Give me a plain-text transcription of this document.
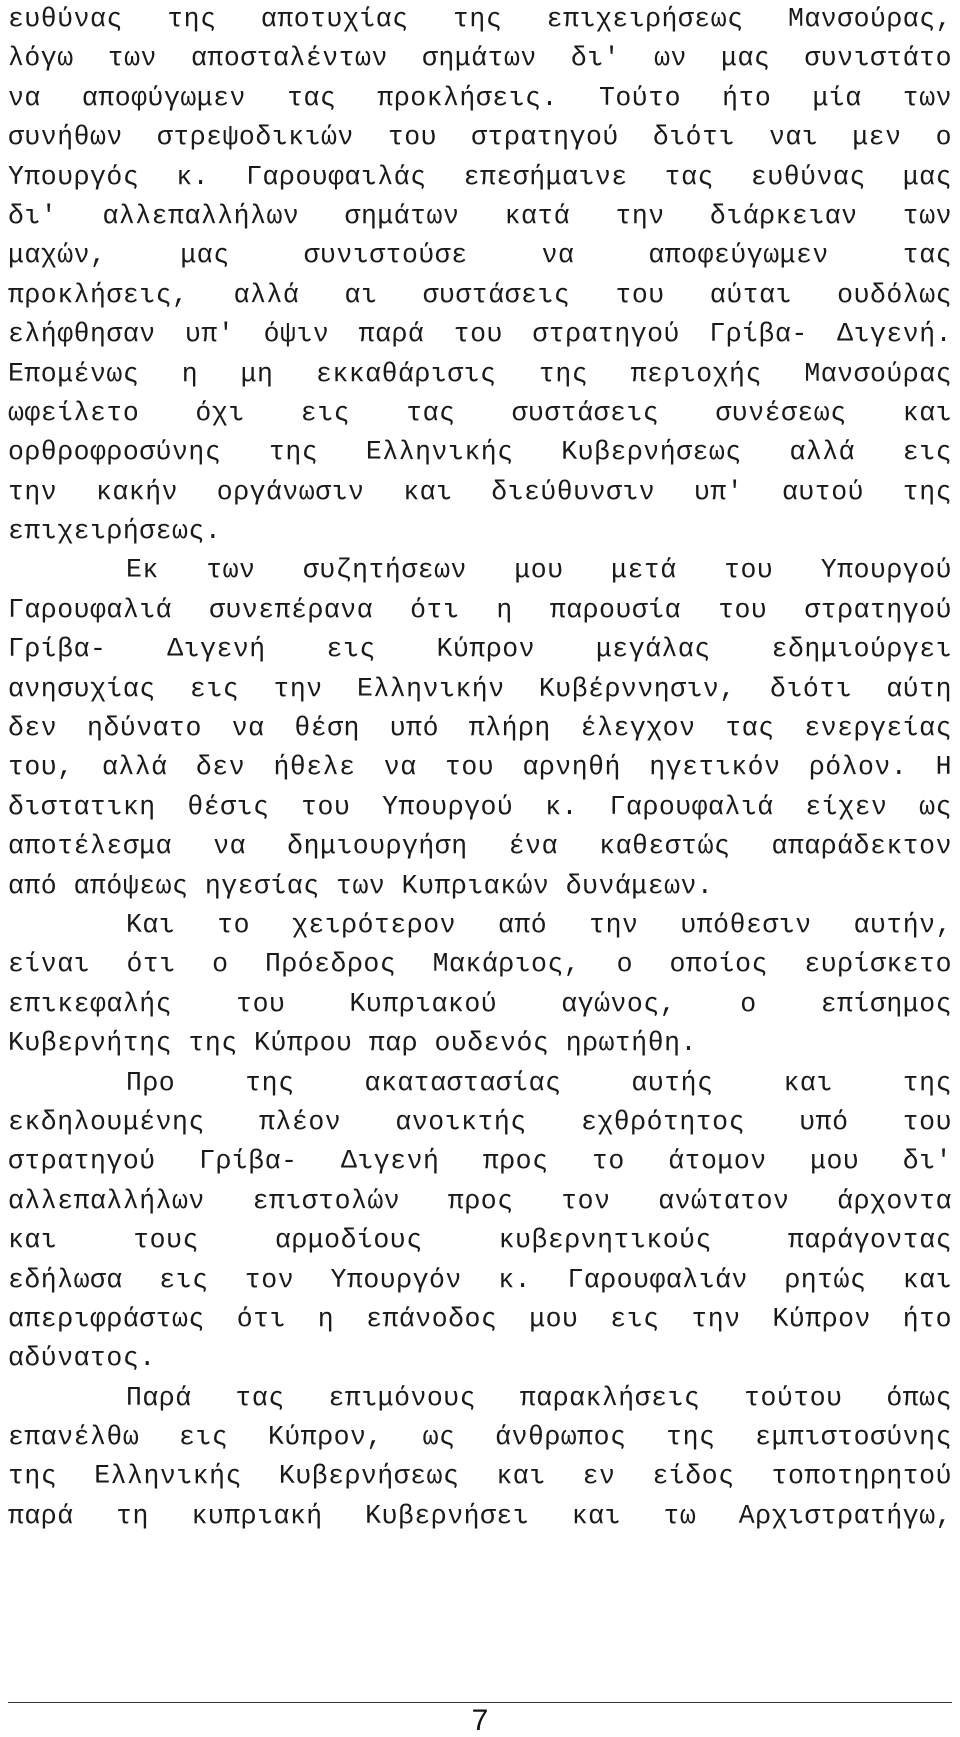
ευθύνας της αποτυχίας της επιχειρήσεως Μανσούρας,
λόγω των αποσταλέντων σημάτων δι' ων μας συνιστάτο
να αποφύγωμεν τας προκλήσεις. Τούτο ήτο μία των
συνήθων στρεψοδικιών του στρατηγού διότι ναι μεν ο
Υπουργός κ. Γαρουφαιλάς επεσήμαινε τας ευθύνας μας
δι' αλλεπαλλήλων σημάτων κατά την διάρκειαν των
μαχών, μας συνιστούσε να αποφεύγωμεν τας
προκλήσεις, αλλά αι συστάσεις του αύται ουδόλως
ελήφθησαν υπ' όψιν παρά του στρατηγού Γρίβα- Διγενή.
Επομένως η μη εκκαθάρισις της περιοχής Μανσούρας
ωφείλετο όχι εις τας συστάσεις συνέσεως και
ορθροφροσύνης της Ελληνικής Κυβερνήσεως αλλά εις
την κακήν οργάνωσιν και διεύθυνσιν υπ' αυτού της
επιχειρήσεως.
Εκ των συζητήσεων μου μετά του Υπουργού
Γαρουφαλιά συνεπέρανα ότι η παρουσία του στρατηγού
Γρίβα- Διγενή εις Κύπρον μεγάλας εδημιούργει
ανησυχίας εις την Ελληνικήν Κυβέρννησιν, διότι αύτη
δεν ηδύνατο να θέση υπό πλήρη έλεγχον τας ενεργείας
του, αλλά δεν ήθελε να του αρνηθή ηγετικόν ρόλον. Η
διστατικη θέσις του Υπουργού κ. Γαρουφαλιά είχεν ως
αποτέλεσμα να δημιουργήση ένα καθεστώς απαράδεκτον
από απόψεως ηγεσίας των Κυπριακών δυνάμεων.
Και το χειρότερον από την υπόθεσιν αυτήν,
είναι ότι ο Πρόεδρος Μακάριος, ο οποίος ευρίσκετο
επικεφαλής του Κυπριακού αγώνος, ο επίσημος
Κυβερνήτης της Κύπρου παρ ουδενός ηρωτήθη.
Προ της ακαταστασίας αυτής και της
εκδηλουμένης πλέον ανοικτής εχθρότητος υπό του
στρατηγού Γρίβα- Διγενή προς το άτομον μου δι'
αλλεπαλλήλων επιστολών προς τον ανώτατον άρχοντα
και τους αρμοδίους κυβερνητικούς παράγοντας
εδήλωσα εις τον Υπουργόν κ. Γαρουφαλιάν ρητώς και
απεριφράστως ότι η επάνοδος μου εις την Κύπρον ήτο
αδύνατος.
Παρά τας επιμόνους παρακλήσεις τούτου όπως
επανέλθω εις Κύπρον, ως άνθρωπος της εμπιστοσύνης
της Ελληνικής Κυβερνήσεως και εν είδος τοποτηρητού
παρά τη κυπριακή Κυβερνήσει και τω Αρχιστρατήγω,
7
